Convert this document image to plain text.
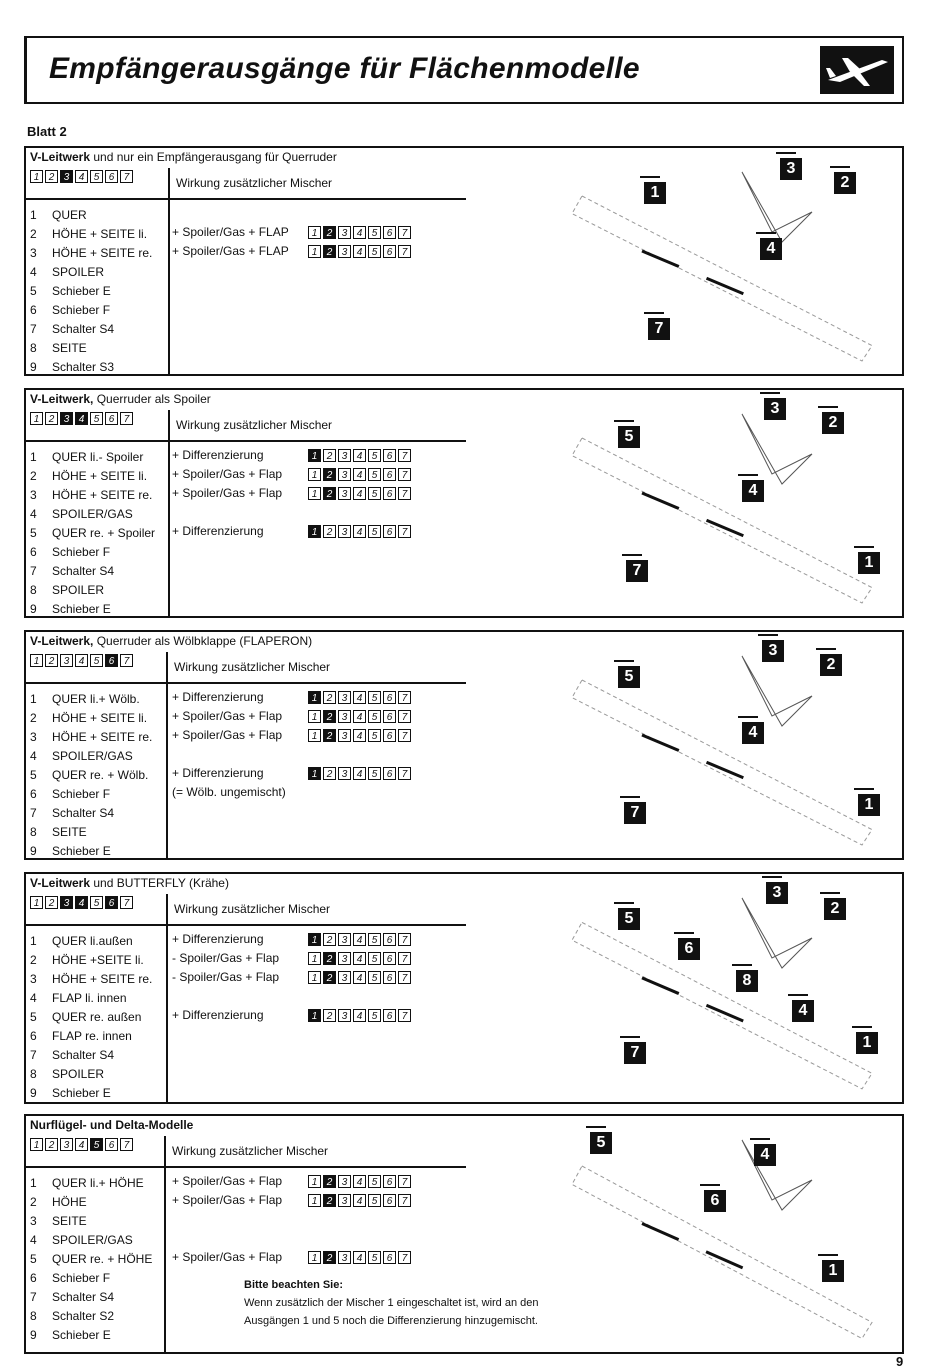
Empfängerausgänge für Flächenmodelle
Blatt 2
V-Leitwerk und nur ein Empfängerausgang für Querruder
1 2 3 4 5 6 7	Wirkung zusätzlicher Mischer
1 QUER
2 HÖHE + SEITE li.
3 HÖHE + SEITE re.
4 SPOILER
5 Schieber E
6 Schieber F
7 Schalter S4
8 SEITE
9 Schalter S3
+ Spoiler/Gas + FLAP	1 2 3 4 5 6 7
+ Spoiler/Gas + FLAP	1 2 3 4 5 6 7
3
2
1
4
7
V-Leitwerk, Querruder als Spoiler
1 2 3 4 5 6 7	Wirkung zusätzlicher Mischer
1 QUER li.- Spoiler
2 HÖHE + SEITE li.
3 HÖHE + SEITE re.
4 SPOILER/GAS
5 QUER re. + Spoiler
6 Schieber F
7 Schalter S4
8 SPOILER
9 Schieber E
+ Differenzierung	1 2 3 4 5 6 7
+ Spoiler/Gas + Flap	1 2 3 4 5 6 7
+ Spoiler/Gas + Flap	1 2 3 4 5 6 7
+ Differenzierung	1 2 3 4 5 6 7
3
2
5
4
7	1
V-Leitwerk, Querruder als Wölbklappe (FLAPERON)
1 2 3 4 5 6 7	Wirkung zusätzlicher Mischer
1 QUER li.+ Wölb.
2 HÖHE + SEITE li.
3 HÖHE + SEITE re.
4 SPOILER/GAS
5 QUER re. + Wölb.
6 Schieber F
7 Schalter S4
8 SEITE
9 Schieber E
+ Differenzierung	1 2 3 4 5 6 7
+ Spoiler/Gas + Flap	1 2 3 4 5 6 7
+ Spoiler/Gas + Flap	1 2 3 4 5 6 7
+ Differenzierung	1 2 3 4 5 6 7
(= Wölb. ungemischt)
3
2
5
4
7	1
V-Leitwerk und BUTTERFLY (Krähe)
1 2 3 4 5 6 7	Wirkung zusätzlicher Mischer
1 QUER li.außen
2 HÖHE +SEITE li.
3 HÖHE + SEITE re.
4 FLAP li. innen
5 QUER re. außen
6 FLAP re. innen
7 Schalter S4
8 SPOILER
9 Schieber E
+ Differenzierung	1 2 3 4 5 6 7
- Spoiler/Gas + Flap	1 2 3 4 5 6 7
- Spoiler/Gas + Flap	1 2 3 4 5 6 7
+ Differenzierung	1 2 3 4 5 6 7
3
2
5
6
8
4
7
1
Nurflügel- und Delta-Modelle
1 2 3 4 5 6 7	Wirkung zusätzlicher Mischer
1 QUER li.+ HÖHE
2 HÖHE
3 SEITE
4 SPOILER/GAS
5 QUER re. + HÖHE
6 Schieber F
7 Schalter S4
8 Schalter S2
9 Schieber E
+ Spoiler/Gas + Flap	1 2 3 4 5 6 7
+ Spoiler/Gas + Flap	1 2 3 4 5 6 7
+ Spoiler/Gas + Flap	1 2 3 4 5 6 7
Bitte beachten Sie:
Wenn zusätzlich der Mischer 1 eingeschaltet ist, wird an den
Ausgängen 1 und 5 noch die Differenzierung hinzugemischt.
5
4
6
1
9
